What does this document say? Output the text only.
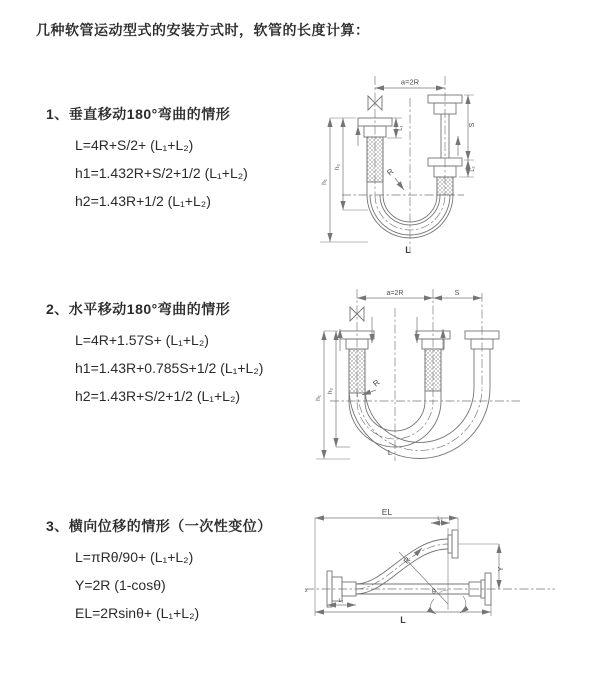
几种软管运动型式的安装方式时，软管的长度计算：

1、垂直移动180°弯曲的情形

L=4R+S/2+ (L₁+L₂)
h1=1.432R+S/2+1/2 (L₁+L₂)
h2=1.43R+1/2 (L₁+L₂)

2、水平移动180°弯曲的情形

L=4R+1.57S+ (L₁+L₂)
h1=1.43R+0.785S+1/2 (L₁+L₂)
h2=1.43R+S/2+1/2 (L₁+L₂)

3、横向位移的情形（一次性变位）

L=πRθ/90+ (L₁+L₂)
Y=2R (1-cosθ)
EL=2Rsinθ+ (L₁+L₂)
a=2R
h₁
h₂
L₁
S
L₂
R
L
a=2R	S
h₁
h₂
R
L
z
EL
L₂
Y
L
L₁
R
θ
